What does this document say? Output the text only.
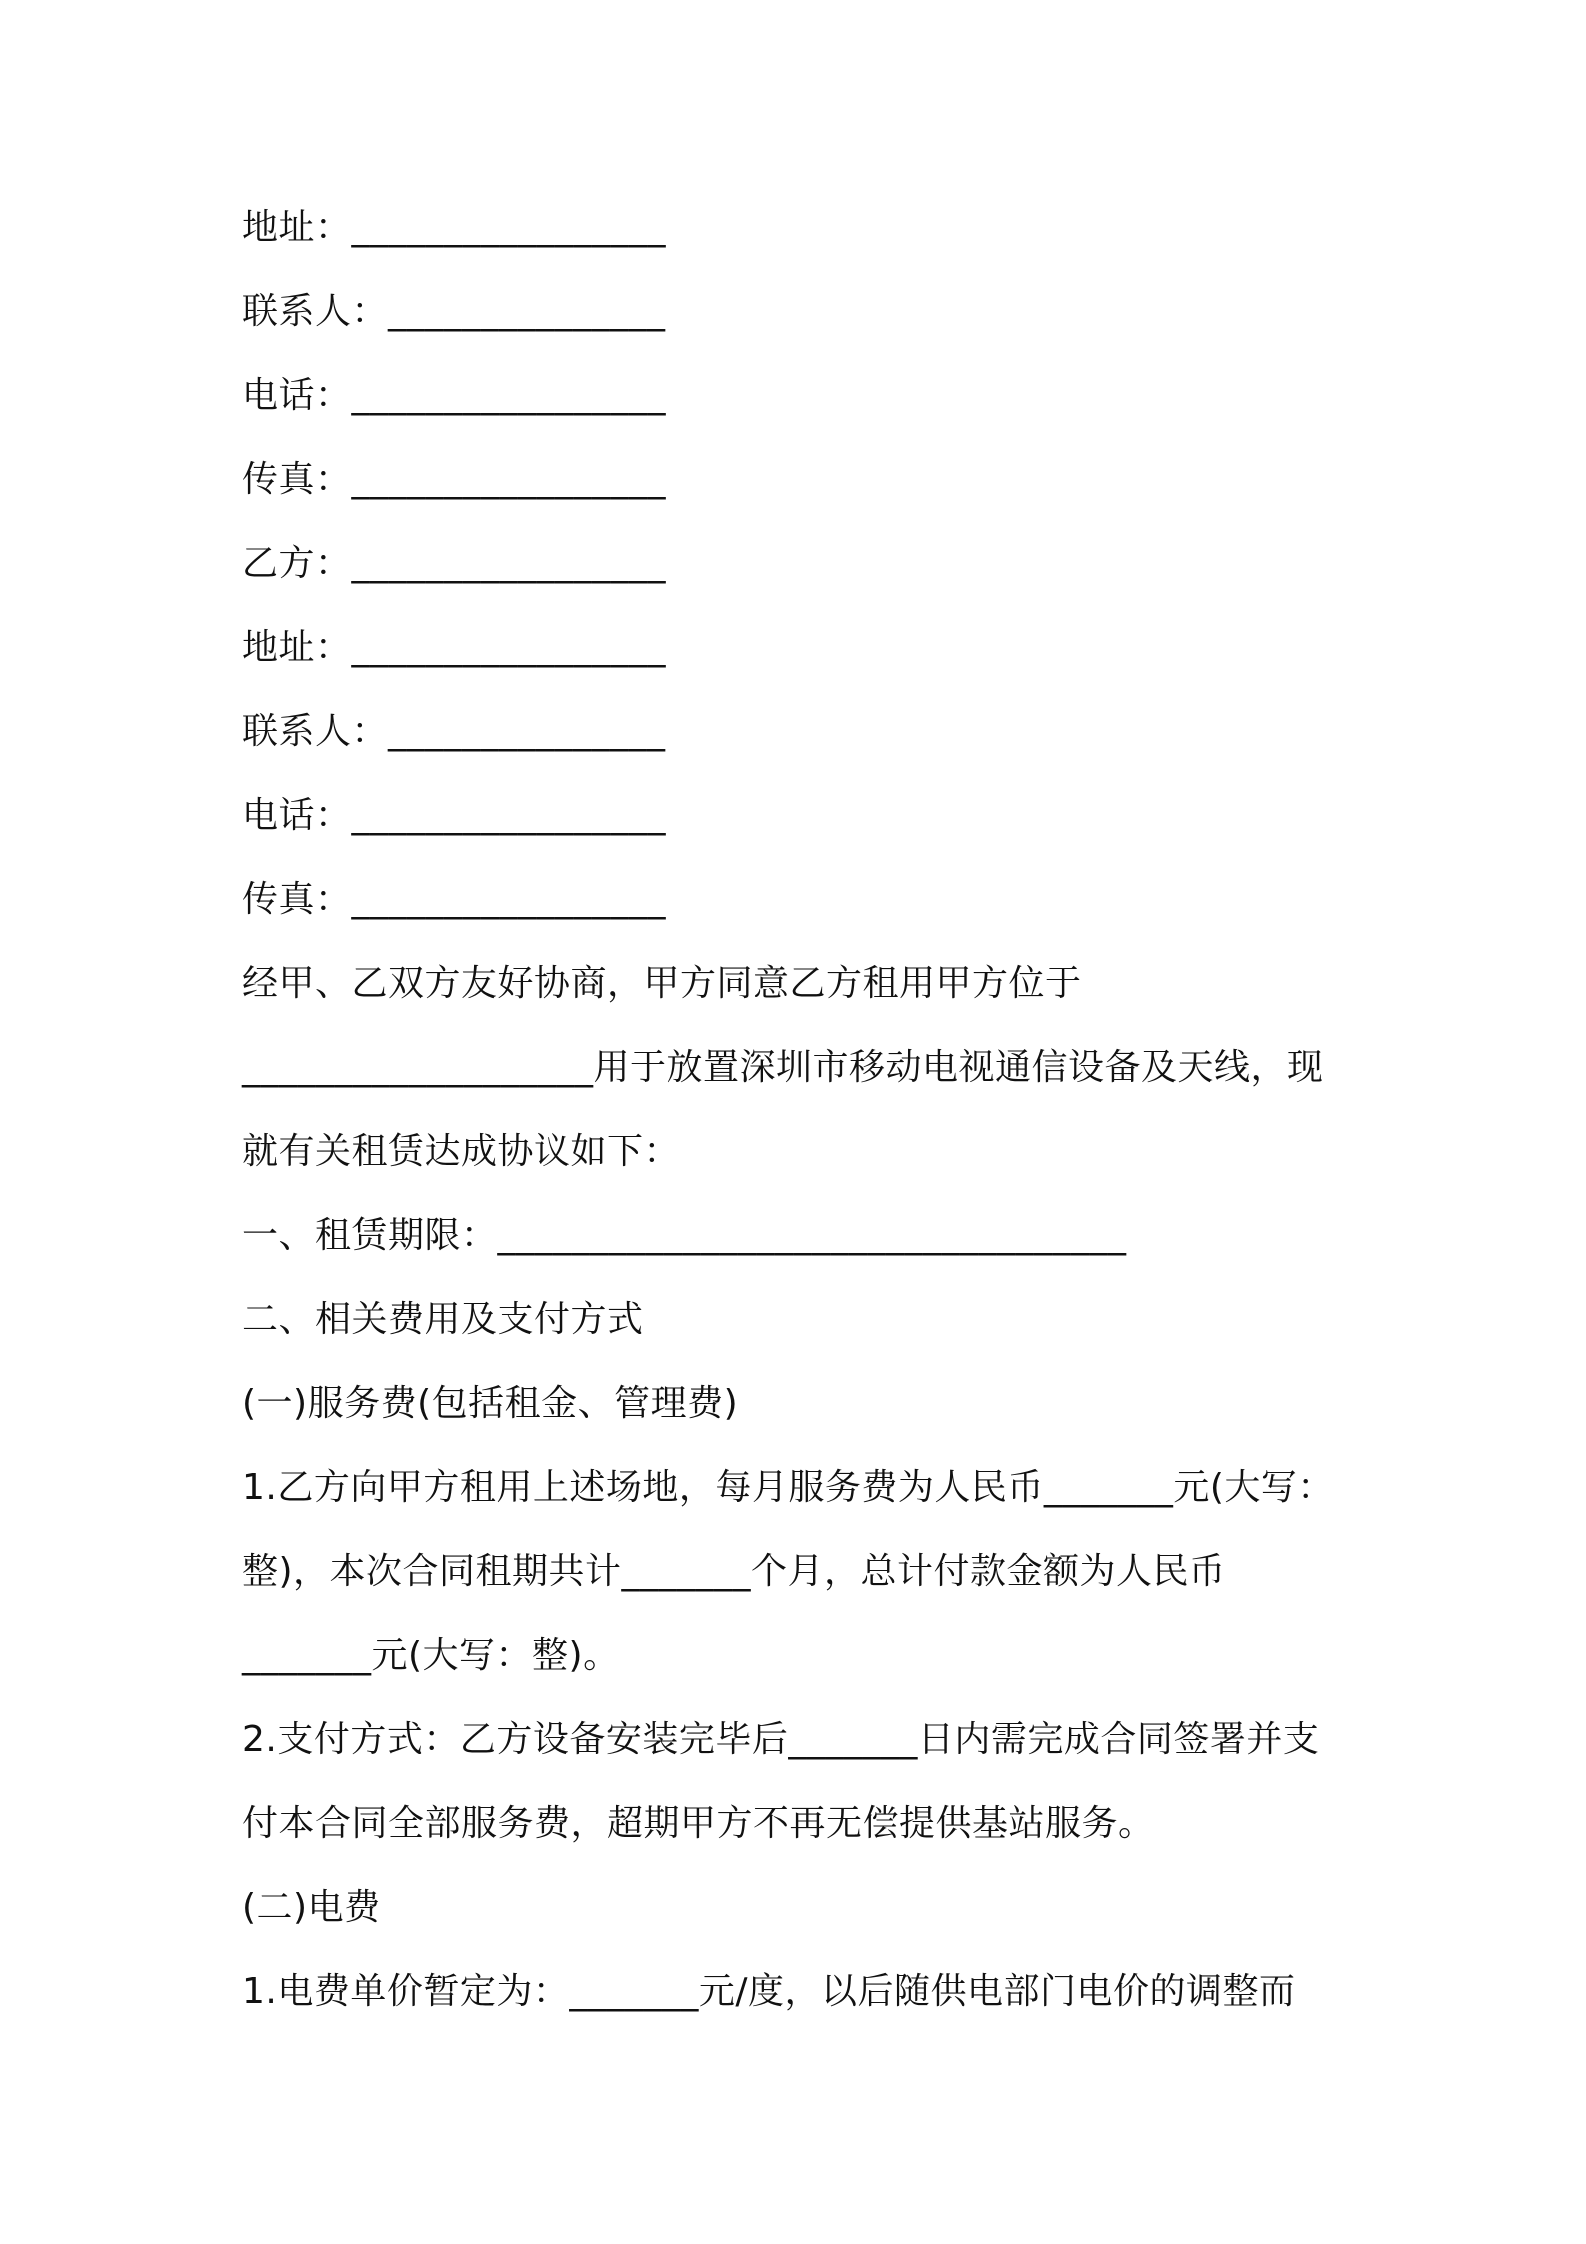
地址：_________________
联系人：_______________
电话：_________________
传真：_________________
乙方：_________________
地址：_________________
联系人：_______________
电话：_________________
传真：_________________
经甲、乙双方友好协商，甲方同意乙方租用甲方位于
___________________用于放置深圳市移动电视通信设备及天线，现
就有关租赁达成协议如下：
一、租赁期限：__________________________________
二、相关费用及支付方式
(一)服务费(包括租金、管理费)
1.乙方向甲方租用上述场地，每月服务费为人民币_______元(大写：
整)，本次合同租期共计_______个月，总计付款金额为人民币
_______元(大写：整)。
2.支付方式：乙方设备安装完毕后_______日内需完成合同签署并支
付本合同全部服务费，超期甲方不再无偿提供基站服务。
(二)电费
1.电费单价暂定为：_______元/度，以后随供电部门电价的调整而
